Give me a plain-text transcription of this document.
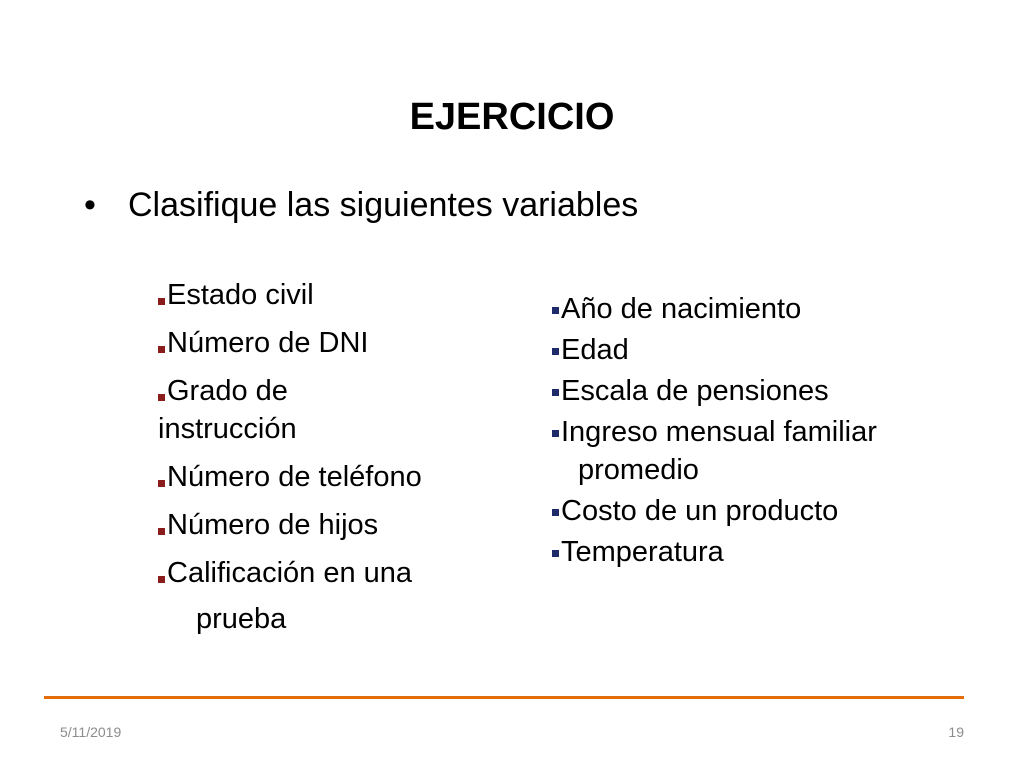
EJERCICIO
• Clasifique las siguientes variables
Estado civil
Número de DNI
Grado de
instrucción
Número de teléfono
Número de hijos
Calificación en una
prueba
Año de nacimiento
Edad
Escala de pensiones
Ingreso mensual familiar
promedio
Costo de un producto
Temperatura
5/11/2019	19
